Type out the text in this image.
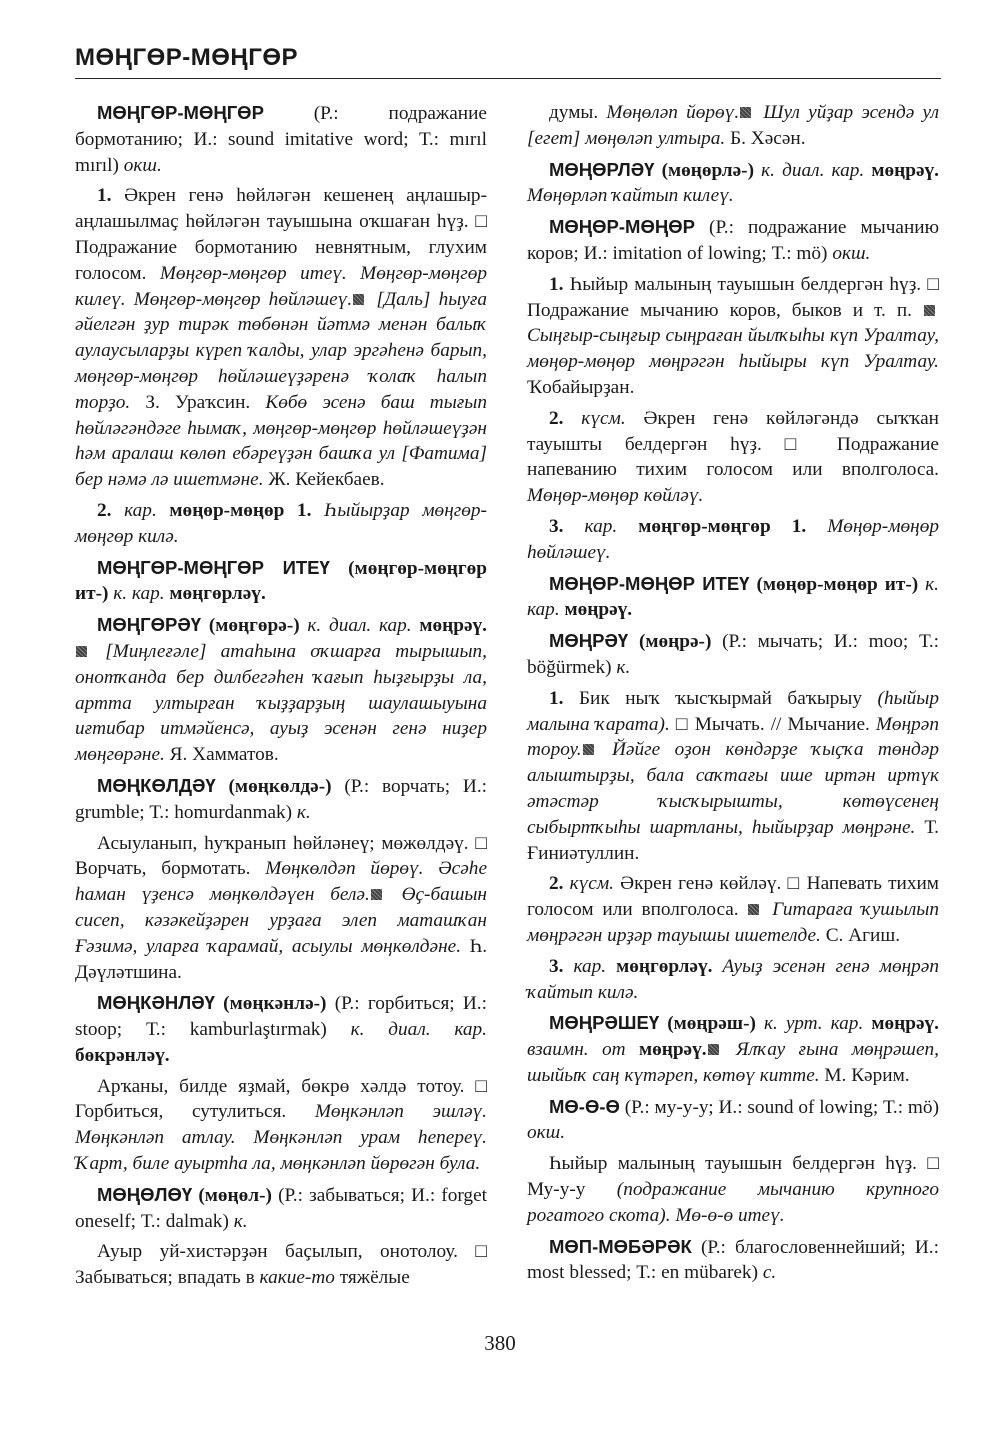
МӨҢГӨР-МӨҢГӨР

МӨҢГӨР-МӨҢГӨР (Р.: подражание бормотанию; И.: sound imitative word; Т.: mırıl mırıl) окш.

1. Әкрен генә һөйләгән кешенең аңлашыр-аңлашылмаҫ һөйләгән тауышына оҡшаған һүҙ. □ Подражание бормотанию невнятным, глухим голосом. Мөңгөр-мөңгөр итеү. Мөңгөр-мөңгөр килеү. Мөңгөр-мөңгөр һөйләшеү. [Даль] һыуға әйелгән ҙур тирәк төбөнән йәтмә менән балыҡ аулаусыларҙы күреп ҡалды, улар эргәһенә барып, мөңгөр-мөңгөр һөйләшеүҙәренә ҡолаҡ һалып торҙо. З. Ураҡсин. Көбө эсенә баш тығып һөйләгәндәге һымаҡ, мөңгөр-мөңгөр һөйләшеүҙән һәм аралаш көлөп ебәреүҙән башҡа ул [Фатима] бер нәмә лә ишетмәне. Ж. Кейекбаев.

2. кар. мөңөр-мөңөр 1. Һыйырҙар мөңгөр-мөңгөр килә.

МӨҢГӨР-МӨҢГӨР ИТЕҮ (мөңгөр-мөңгөр ит-) к. кар. мөңгөрләү.

МӨҢГӨРӘҮ (мөңгөрә-) к. диал. кар. мөңрәү. [Миңлеғәле] атаһына оҡшарға тырышып, онотҡанда бер дилбегәһен ҡағып һыҙғырҙы ла, артта ултырған ҡыҙҙарҙың шаулашыуына иғтибар итмәйенсә, ауыҙ эсенән генә ниҙер мөңгөрәне. Я. Хамматов.

МӨҢКӨЛДӘҮ (мөңкөлдә-) (Р.: ворчать; И.: grumble; Т.: homurdanmak) к.

Асыуланып, һуҡранып һөйләнеү; мөжөлдәү. □ Ворчать, бормотать. Мөңкөлдәп йөрөү. Әсәһе һаман үҙенсә мөңкөлдәүен белә. Өҫ-башын сисеп, кәзәкейҙәрен урҙаға элеп маташҡан Ғәзимә, уларға ҡарамай, асыулы мөңкөлдәне. Һ. Дәүләтшина.

МӨҢКӘНЛӘҮ (мөңкәнлә-) (Р.: горбиться; И.: stoop; Т.: kamburlaştırmak) к. диал. кар. бөкрәнләү.

Арҡаны, билде яҙмай, бөкрө хәлдә тотоу. □ Горбиться, сутулиться. Мөңкәнләп эшләү. Мөңкәнләп атлау. Мөңкәнләп урам һепереү. Ҡарт, биле ауыртһа ла, мөңкәнләп йөрөгән була.

МӨҢӨЛӨҮ (мөңөл-) (Р.: забываться; И.: forget oneself; Т.: dalmak) к.

Ауыр уй-хистәрҙән баҫылып, онотолоу. □ Забываться; впадать в какие-то тяжёлые

думы. Мөңөләп йөрөү. Шул уйҙар эсендә ул [егет] мөңөләп ултыра. Б. Хәсән.

МӨҢӨРЛӘҮ (мөңөрлә-) к. диал. кар. мөңрәү. Мөңөрләп ҡайтып килеү.

МӨҢӨР-МӨҢӨР (Р.: подражание мычанию коров; И.: imitation of lowing; Т.: mö) окш.

1. Һыйыр малының тауышын белдергән һүҙ. □ Подражание мычанию коров, быков и т. п.  Сыңғыр-сыңғыр сыңраған йылҡыһы күп Уралтау, мөңөр-мөңөр мөңрәгән һыйыры күп Уралтау. Ҡобайырҙан.

2. күсм. Әкрен генә көйләгәндә сыҡҡан тауышты белдергән һүҙ. □ Подражание напеванию тихим голосом или вполголоса. Мөңөр-мөңөр көйләү.

3. кар. мөңгөр-мөңгөр 1. Мөңөр-мөңөр һөйләшеү.

МӨҢӨР-МӨҢӨР ИТЕҮ (мөңөр-мөңөр ит-) к. кар. мөңрәү.

МӨҢРӘҮ (мөңрә-) (Р.: мычать; И.: moo; Т.: böğürmek) к.

1. Бик ныҡ ҡысҡырмай баҡырыу (һыйыр малына ҡарата). □ Мычать. // Мычание. Мөңрәп тороу. Йәйге оҙон көндәрҙе ҡыҫҡа төндәр алыштырҙы, бала саҡтағы ише иртән иртүк әтәстәр ҡысҡырышты, көтөүсенең сыбыртҡыһы шартланы, һыйырҙар мөңрәне. Т. Ғиниәтуллин.

2. күсм. Әкрен генә көйләү. □ Напевать тихим голосом или вполголоса.  Гитараға ҡушылып мөңрәгән ирҙәр тауышы ишетелде. С. Агиш.

3. кар. мөңгөрләү. Ауыҙ эсенән генә мөңрәп ҡайтып килә.

МӨҢРӘШЕҮ (мөңрәш-) к. урт. кар. мөңрәү. взаимн. от мөңрәү. Ялҡау ғына мөңрәшеп, шыйыҡ саң күтәреп, көтөү китте. М. Кәрим.

МӨ-Ө-Ө (Р.: му-у-у; И.: sound of lowing; Т.: mö) окш.

Һыйыр малының тауышын белдергән һүҙ. □ Му-у-у (подражание мычанию крупного рогатого скота). Мө-ө-ө итеү.

МӨП-МӨБӘРӘК (Р.: благословеннейший; И.: most blessed; Т.: en mübarek) с.

380
